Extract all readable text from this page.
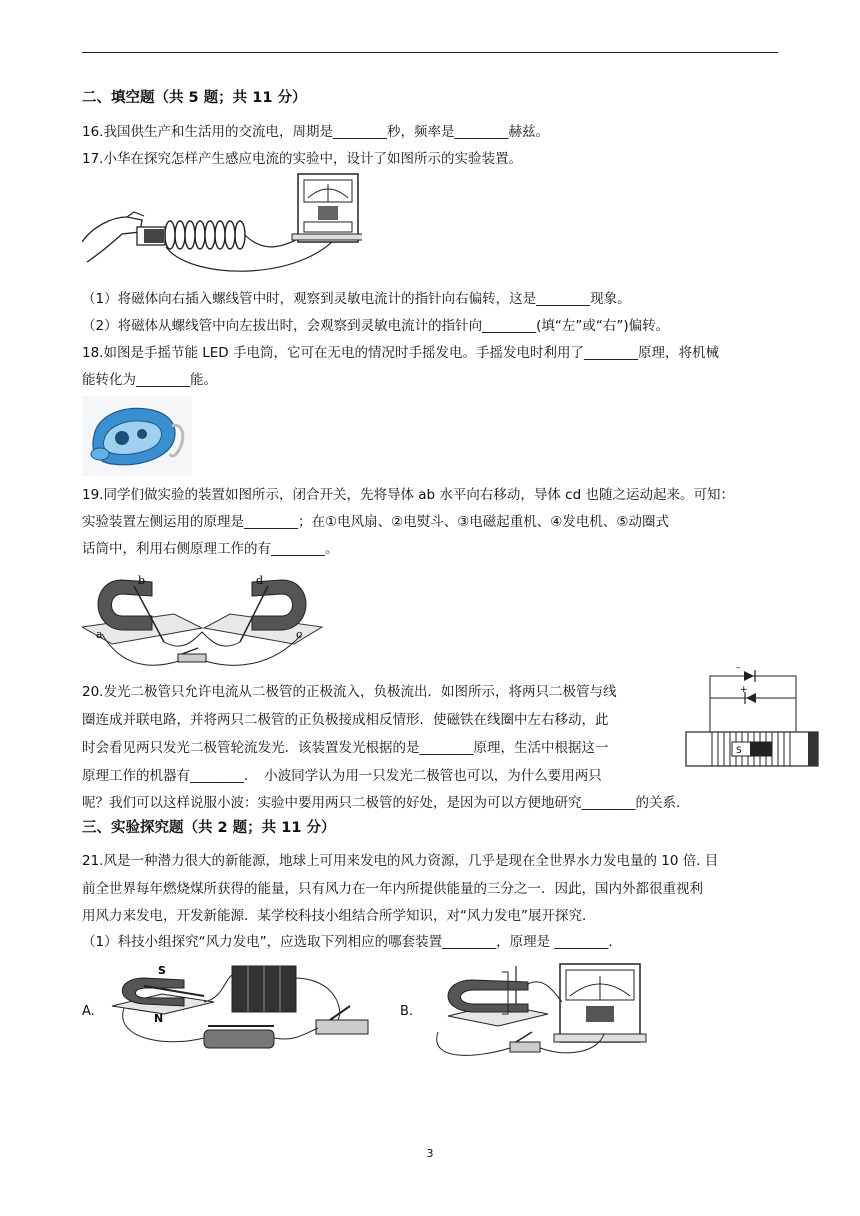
二、填空题（共 5 题；共 11 分）
16.我国供生产和生活用的交流电，周期是________秒，频率是________赫兹。
17.小华在探究怎样产生感应电流的实验中，设计了如图所示的实验装置。
（1）将磁体向右插入螺线管中时，观察到灵敏电流计的指针向右偏转，这是________现象。
（2）将磁体从螺线管中向左拔出时，会观察到灵敏电流计的指针向________(填“左”或“右”)偏转。
18.如图是手摇节能 LED 手电筒，它可在无电的情况时手摇发电。手摇发电时利用了________原理，将机械
能转化为________能。
19.同学们做实验的装置如图所示，闭合开关，先将导体 ab 水平向右移动，导体 cd 也随之运动起来。可知：
实验装置左侧运用的原理是________；在①电风扇、②电熨斗、③电磁起重机、④发电机、⑤动圈式
话筒中，利用右侧原理工作的有________。
b	d
a	c
20.发光二极管只允许电流从二极管的正极流入，负极流出．如图所示，将两只二极管与线
圈连成并联电路，并将两只二极管的正负极接成相反情形．使磁铁在线圈中左右移动，此
时会看见两只发光二极管轮流发光．该装置发光根据的是________原理，生活中根据这一
原理工作的机器有________．　小波同学认为用一只发光二极管也可以，为什么要用两只
呢？我们可以这样说服小波：实验中要用两只二极管的好处，是因为可以方便地研究________的关系．
–
+
S
三、实验探究题（共 2 题；共 11 分）
21.风是一种潜力很大的新能源，地球上可用来发电的风力资源，几乎是现在全世界水力发电量的 10 倍. 目
前全世界每年燃烧煤所获得的能量，只有风力在一年内所提供能量的三分之一．因此，国内外都很重视利
用风力来发电，开发新能源．某学校科技小组结合所学知识，对“风力发电”展开探究．
（1）科技小组探究“风力发电”，应选取下列相应的哪套装置________，原理是 ________．
A.
S
N	B.
3
